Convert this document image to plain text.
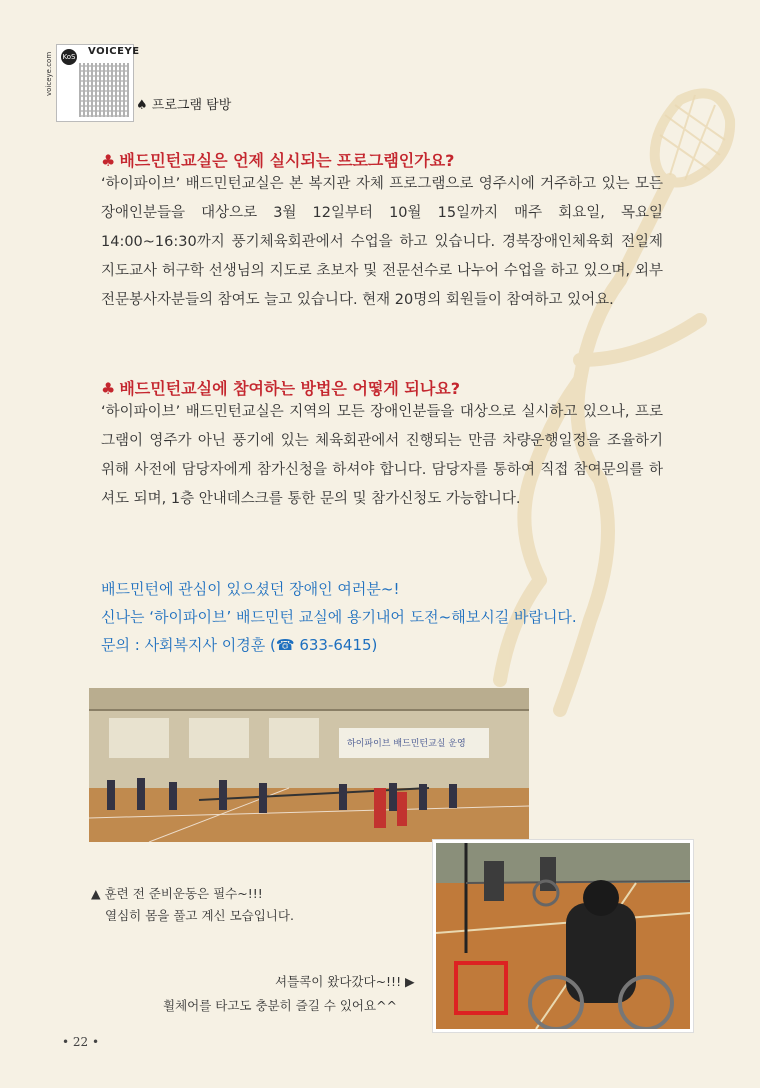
KoS VOICEYE
voiceye.com
♠ 프로그램 탐방
♣ 배드민턴교실은 언제 실시되는 프로그램인가요?
‘하이파이브’ 배드민턴교실은 본 복지관 자체 프로그램으로 영주시에 거주하고 있는 모든 장애인분들을 대상으로 3월 12일부터 10월 15일까지 매주 회요일, 목요일 14:00~16:30까지 풍기체육회관에서 수업을 하고 있습니다. 경북장애인체육회 전일제 지도교사 허구학 선생님의 지도로 초보자 및 전문선수로 나누어 수업을 하고 있으며, 외부 전문봉사자분들의 참여도 늘고 있습니다. 현재 20명의 회원들이 참여하고 있어요.
♣ 배드민턴교실에 참여하는 방법은 어떻게 되나요?
‘하이파이브’ 배드민턴교실은 지역의 모든 장애인분들을 대상으로 실시하고 있으나, 프로그램이 영주가 아닌 풍기에 있는 체육회관에서 진행되는 만큼 차량운행일정을 조율하기 위해 사전에 담당자에게 참가신청을 하셔야 합니다. 담당자를 통하여 직접 참여문의를 하셔도 되며, 1층 안내데스크를 통한 문의 및 참가신청도 가능합니다.
배드민턴에 관심이 있으셨던 장애인 여러분~!
신나는 ‘하이파이브’ 배드민턴 교실에 용기내어 도전~해보시길 바랍니다.
문의 : 사회복지사 이경훈 (☎ 633-6415)
하이파이브 배드민턴교실 운영
▲ 훈련 전 준비운동은 필수~!!!
열심히 몸을 풀고 계신 모습입니다.
셔틀콕이 왔다갔다~!!! ▶
휠체어를 타고도 충분히 즐길 수 있어요^^
• 22 •
